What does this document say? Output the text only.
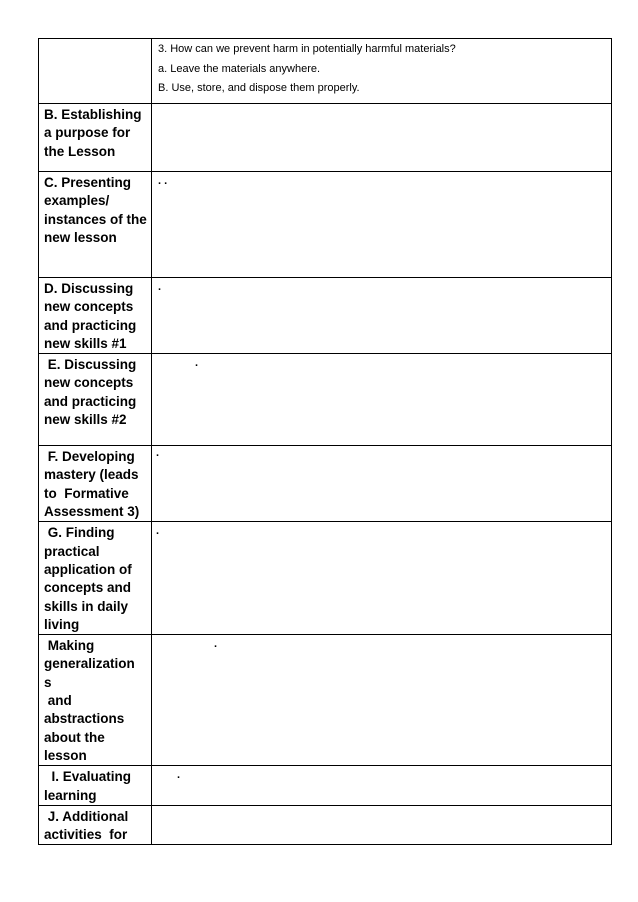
	3. How can we prevent harm in potentially harmful materials?
a. Leave the materials anywhere.
B. Use, store, and dispose them properly.

B. Establishing a purpose for the Lesson	
C. Presenting examples/ instances of the  new lesson	. .

D. Discussing new concepts and practicing new skills #1	.

E. Discussing new concepts and practicing new skills #2	.

F. Developing mastery (leads to  Formative Assessment 3)	.

G. Finding practical application of concepts and skills in daily living	.

Making generalization
s
and abstractions about the lesson	.

I. Evaluating learning	.

J. Additional activities  for	
